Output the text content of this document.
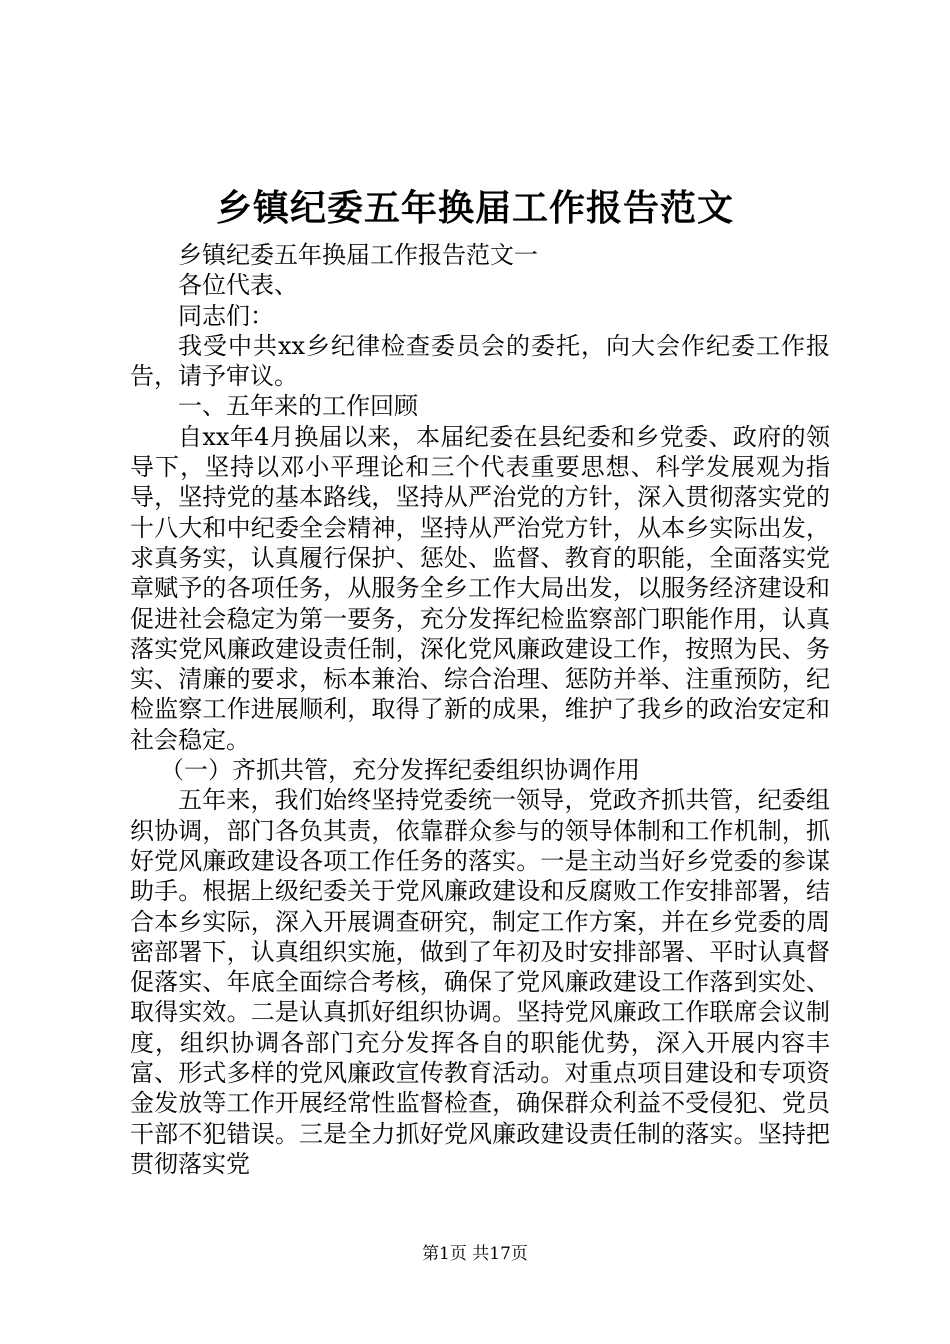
乡镇纪委五年换届工作报告范文

乡镇纪委五年换届工作报告范文一

各位代表、

同志们：

我受中共xx乡纪律检查委员会的委托，向大会作纪委工作报告，请予审议。

一、五年来的工作回顾

自xx年4月换届以来，本届纪委在县纪委和乡党委、政府的领导下，坚持以邓小平理论和三个代表重要思想、科学发展观为指导，坚持党的基本路线，坚持从严治党的方针，深入贯彻落实党的十八大和中纪委全会精神，坚持从严治党方针，从本乡实际出发，求真务实，认真履行保护、惩处、监督、教育的职能，全面落实党章赋予的各项任务，从服务全乡工作大局出发，以服务经济建设和促进社会稳定为第一要务，充分发挥纪检监察部门职能作用，认真落实党风廉政建设责任制，深化党风廉政建设工作，按照为民、务实、清廉的要求，标本兼治、综合治理、惩防并举、注重预防，纪检监察工作进展顺利，取得了新的成果，维护了我乡的政治安定和社会稳定。

（一）齐抓共管，充分发挥纪委组织协调作用

五年来，我们始终坚持党委统一领导，党政齐抓共管，纪委组织协调，部门各负其责，依靠群众参与的领导体制和工作机制，抓好党风廉政建设各项工作任务的落实。一是主动当好乡党委的参谋助手。根据上级纪委关于党风廉政建设和反腐败工作安排部署，结合本乡实际，深入开展调查研究，制定工作方案，并在乡党委的周密部署下，认真组织实施，做到了年初及时安排部署、平时认真督促落实、年底全面综合考核，确保了党风廉政建设工作落到实处、取得实效。二是认真抓好组织协调。坚持党风廉政工作联席会议制度，组织协调各部门充分发挥各自的职能优势，深入开展内容丰富、形式多样的党风廉政宣传教育活动。对重点项目建设和专项资金发放等工作开展经常性监督检查，确保群众利益不受侵犯、党员干部不犯错误。三是全力抓好党风廉政建设责任制的落实。坚持把贯彻落实党

第1页 共17页
